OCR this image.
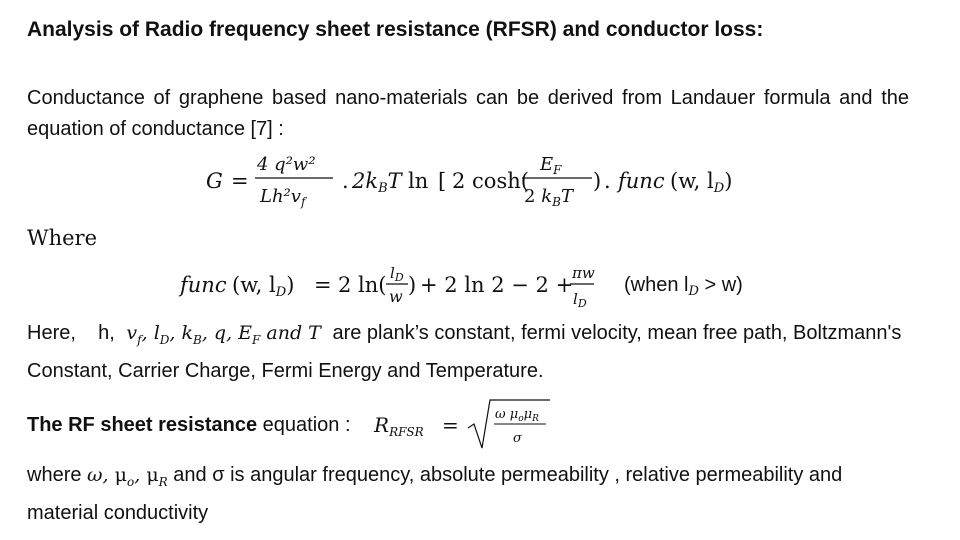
Analysis of Radio frequency sheet resistance (RFSR) and conductor loss:
Conductance of graphene based nano-materials can be derived from Landauer formula and the equation of conductance [7] :
G =
4 q²w²
$Lh^2v_f$
. 2kBT ln [ 2 cosh(
$E_F$
2 $k_BT$
) . func (w, lD)
Where
func (w, lD) = 2 ln( $l_D$
w ) + 2 ln 2 − 2 +
πw
$l_D$
(when $l_D > w$)
Here, h,  $v_f$, $l_D$, $k_B$, q, $E_F$ and T  are plank’s constant, fermi velocity, mean free path, Boltzmann's Constant, Carrier Charge, Fermi Energy and Temperature.
The RF sheet resistance equation : $R_{RFSR}$ =	ω $\mu_o\mu_R$
σ
where ω, $\mu_o$, $\mu_R$ and σ is angular frequency, absolute permeability , relative permeability and material conductivity
